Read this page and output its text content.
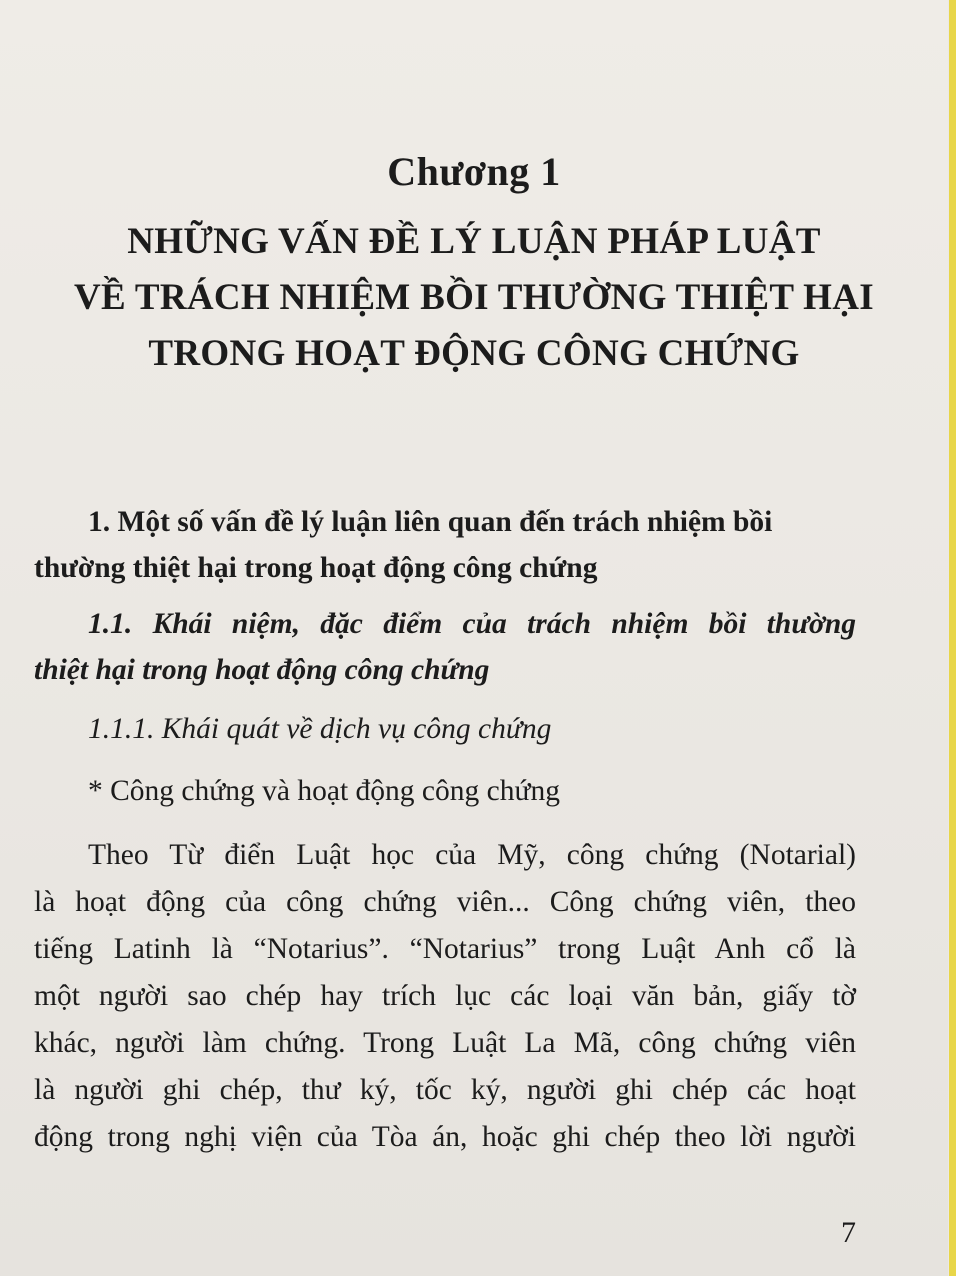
Chương 1
NHỮNG VẤN ĐỀ LÝ LUẬN PHÁP LUẬT
VỀ TRÁCH NHIỆM BỒI THƯỜNG THIỆT HẠI
TRONG HOẠT ĐỘNG CÔNG CHỨNG
1. Một số vấn đề lý luận liên quan đến trách nhiệm bồi
thường thiệt hại trong hoạt động công chứng
1.1. Khái niệm, đặc điểm của trách nhiệm bồi thường
thiệt hại trong hoạt động công chứng
1.1.1. Khái quát về dịch vụ công chứng
* Công chứng và hoạt động công chứng
Theo Từ điển Luật học của Mỹ, công chứng (Notarial)
là hoạt động của công chứng viên... Công chứng viên, theo
tiếng Latinh là “Notarius”. “Notarius” trong Luật Anh cổ là
một người sao chép hay trích lục các loại văn bản, giấy tờ
khác, người làm chứng. Trong Luật La Mã, công chứng viên
là người ghi chép, thư ký, tốc ký, người ghi chép các hoạt
động trong nghị viện của Tòa án, hoặc ghi chép theo lời người
7
